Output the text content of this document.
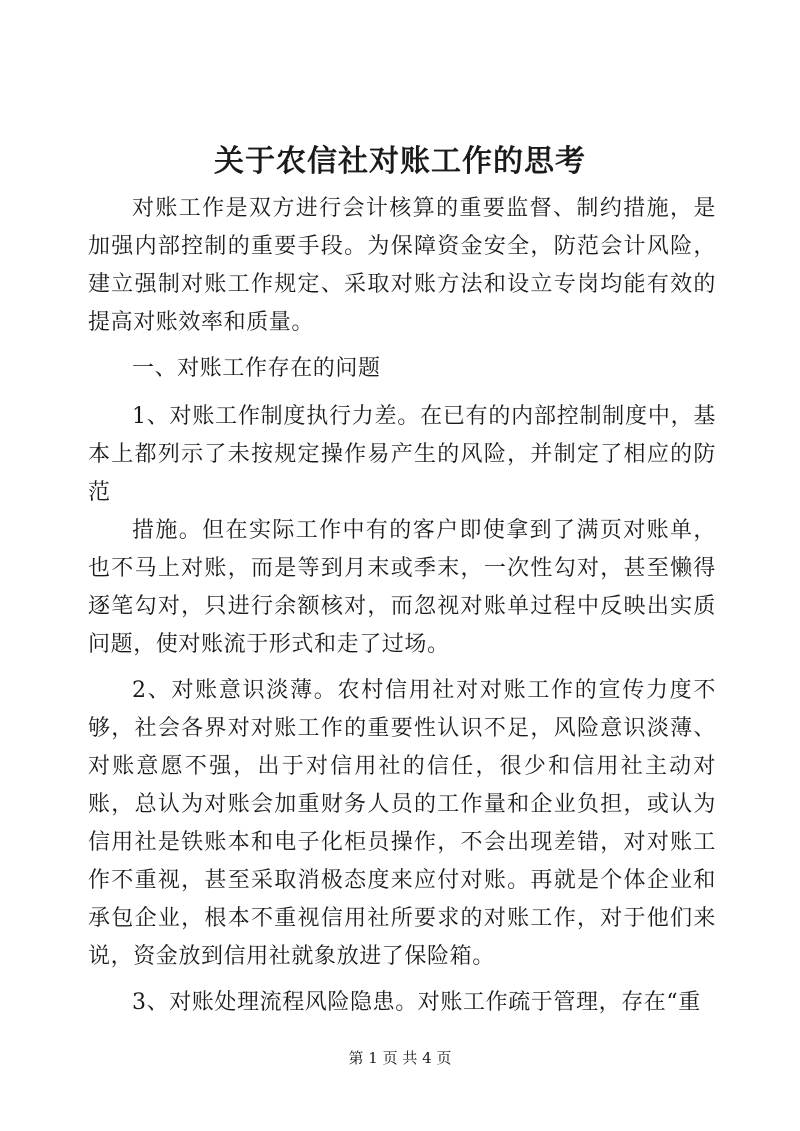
关于农信社对账工作的思考

对账工作是双方进行会计核算的重要监督、制约措施，是加强内部控制的重要手段。为保障资金安全，防范会计风险，建立强制对账工作规定、采取对账方法和设立专岗均能有效的提高对账效率和质量。

一、对账工作存在的问题

1、对账工作制度执行力差。在已有的内部控制制度中，基本上都列示了未按规定操作易产生的风险，并制定了相应的防范

措施。但在实际工作中有的客户即使拿到了满页对账单，也不马上对账，而是等到月末或季末，一次性勾对，甚至懒得逐笔勾对，只进行余额核对，而忽视对账单过程中反映出实质问题，使对账流于形式和走了过场。

2、对账意识淡薄。农村信用社对对账工作的宣传力度不够，社会各界对对账工作的重要性认识不足，风险意识淡薄、对账意愿不强，出于对信用社的信任，很少和信用社主动对账，总认为对账会加重财务人员的工作量和企业负担，或认为信用社是铁账本和电子化柜员操作，不会出现差错，对对账工作不重视，甚至采取消极态度来应付对账。再就是个体企业和承包企业，根本不重视信用社所要求的对账工作，对于他们来说，资金放到信用社就象放进了保险箱。

3、对账处理流程风险隐患。对账工作疏于管理，存在“重

第 1 页 共 4 页
